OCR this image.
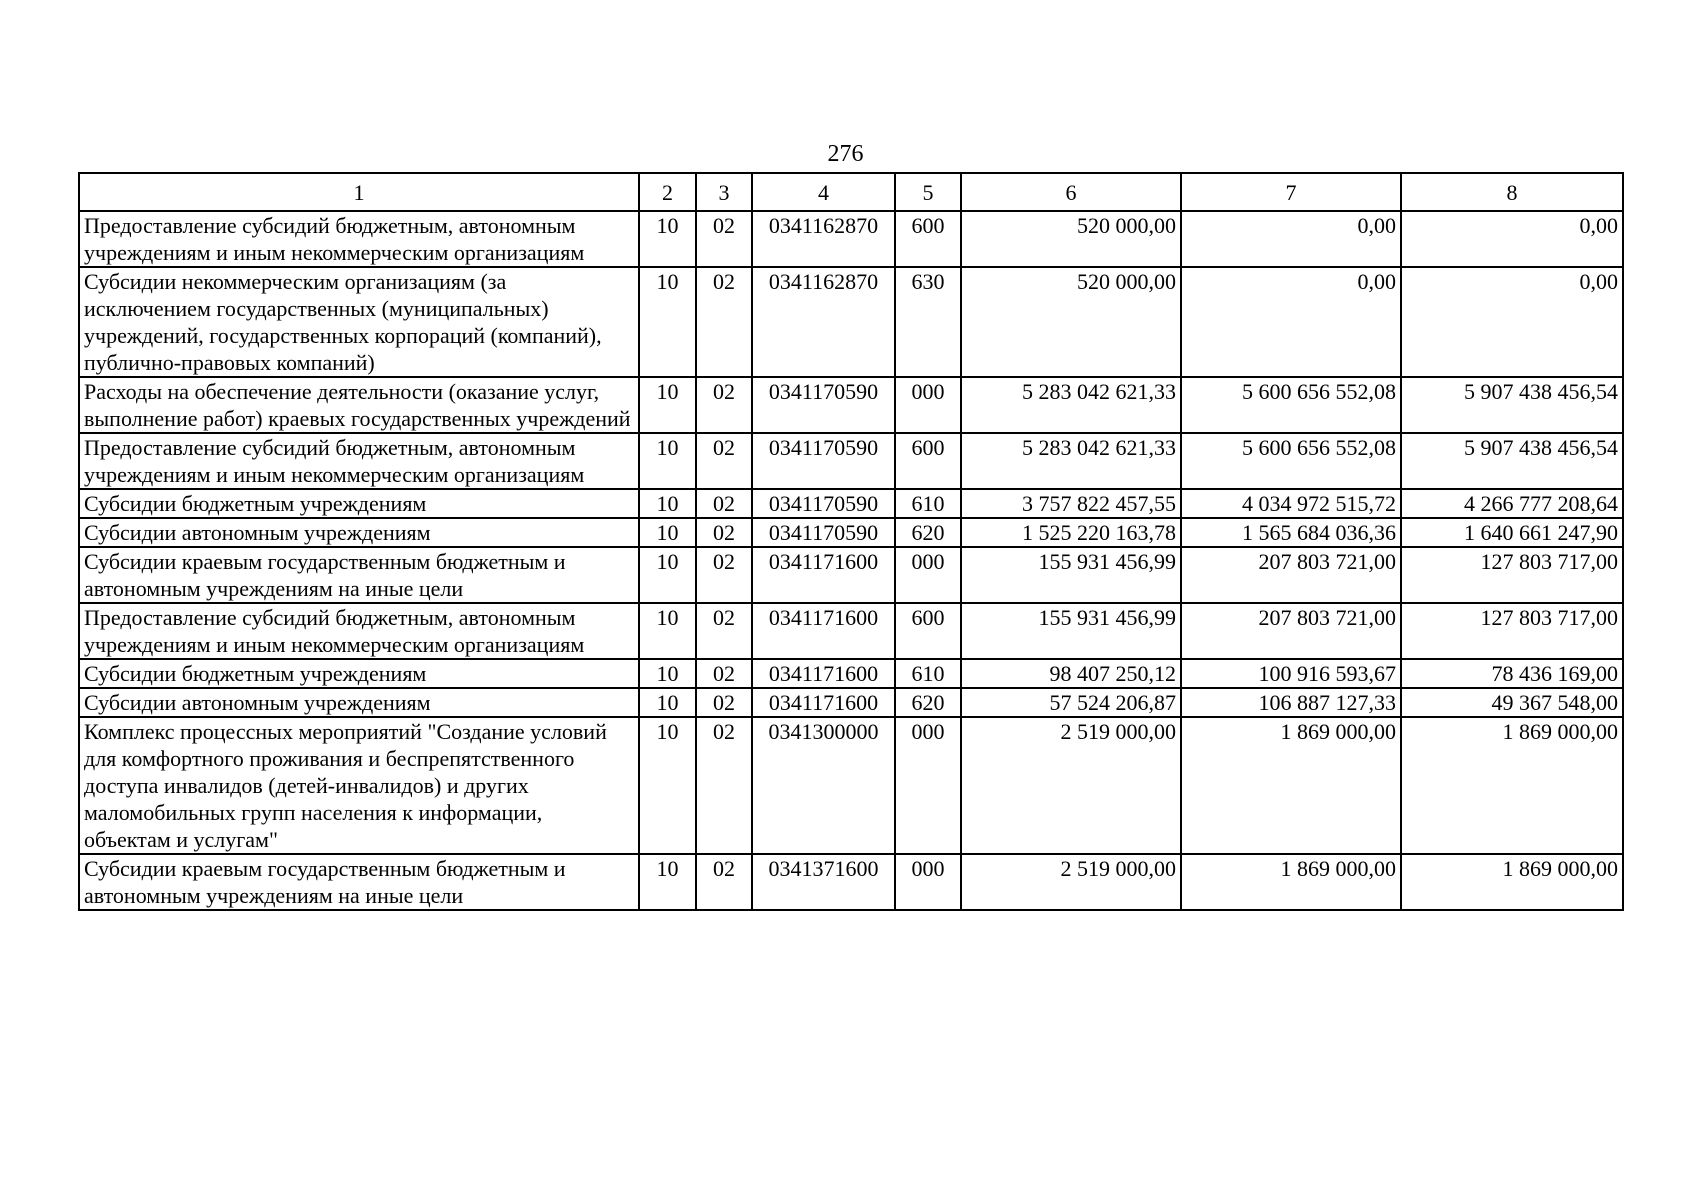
276
1	2	3	4	5	6	7	8
Предоставление субсидий бюджетным, автономным учреждениям и иным некоммерческим организациям	10	02	0341162870	600	520 000,00	0,00	0,00
Субсидии некоммерческим организациям (за исключением государственных (муниципальных) учреждений, государственных корпораций (компаний), публично-правовых компаний)	10	02	0341162870	630	520 000,00	0,00	0,00
Расходы на обеспечение деятельности (оказание услуг, выполнение работ) краевых государственных учреждений	10	02	0341170590	000	5 283 042 621,33	5 600 656 552,08	5 907 438 456,54
Предоставление субсидий бюджетным, автономным учреждениям и иным некоммерческим организациям	10	02	0341170590	600	5 283 042 621,33	5 600 656 552,08	5 907 438 456,54
Субсидии бюджетным учреждениям	10	02	0341170590	610	3 757 822 457,55	4 034 972 515,72	4 266 777 208,64
Субсидии автономным учреждениям	10	02	0341170590	620	1 525 220 163,78	1 565 684 036,36	1 640 661 247,90
Субсидии краевым государственным бюджетным и автономным учреждениям на иные цели	10	02	0341171600	000	155 931 456,99	207 803 721,00	127 803 717,00
Предоставление субсидий бюджетным, автономным учреждениям и иным некоммерческим организациям	10	02	0341171600	600	155 931 456,99	207 803 721,00	127 803 717,00
Субсидии бюджетным учреждениям	10	02	0341171600	610	98 407 250,12	100 916 593,67	78 436 169,00
Субсидии автономным учреждениям	10	02	0341171600	620	57 524 206,87	106 887 127,33	49 367 548,00
Комплекс процессных мероприятий "Создание условий для комфортного проживания и беспрепятственного доступа инвалидов (детей-инвалидов) и других маломобильных групп населения к информации, объектам и услугам"	10	02	0341300000	000	2 519 000,00	1 869 000,00	1 869 000,00
Субсидии краевым государственным бюджетным и автономным учреждениям на иные цели	10	02	0341371600	000	2 519 000,00	1 869 000,00	1 869 000,00
